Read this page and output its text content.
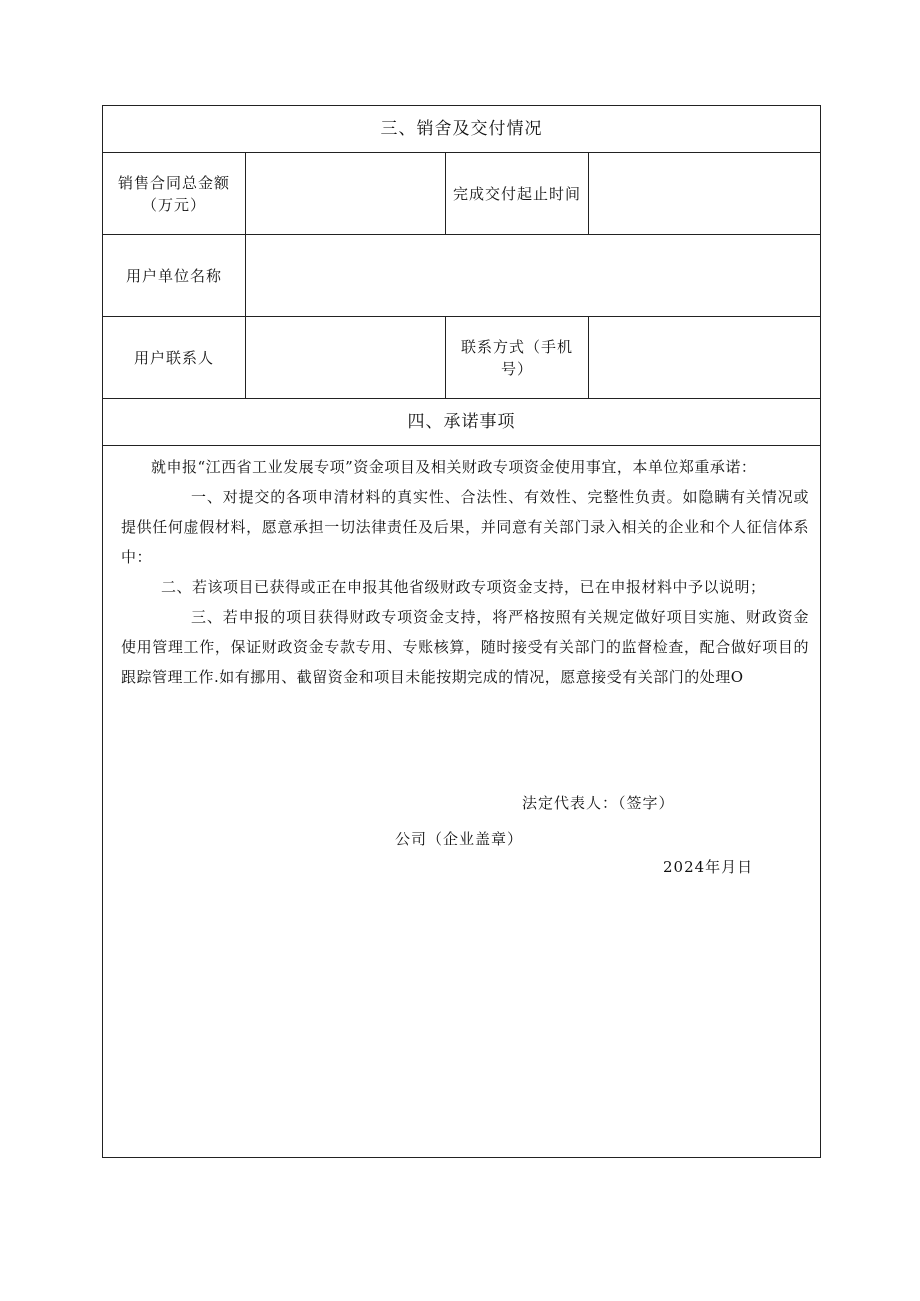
三、销舍及交付情况
销售合同总金额（万元）
完成交付起止时间
用户单位名称
用户联系人
联系方式（手机号）
四、承诺事项

就申报“江西省工业发展专项”资金项目及相关财政专项资金使用事宜，本单位郑重承诺：

一、对提交的各项申清材料的真实性、合法性、有效性、完整性负责。如隐瞒有关情况或提供任何虚假材料，愿意承担一切法律责任及后果，并同意有关部门录入相关的企业和个人征信体系中：

二、若该项目已获得或正在申报其他省级财政专项资金支持，已在申报材料中予以说明；

三、若申报的项目获得财政专项资金支持，将严格按照有关规定做好项目实施、财政资金使用管理工作，保证财政资金专款专用、专账核算，随时接受有关部门的监督检查，配合做好项目的跟踪管理工作.如有挪用、截留资金和项目未能按期完成的情况，愿意接受有关部门的处理O

法定代表人：（签字）
公司（企业盖章）
2024年月日
